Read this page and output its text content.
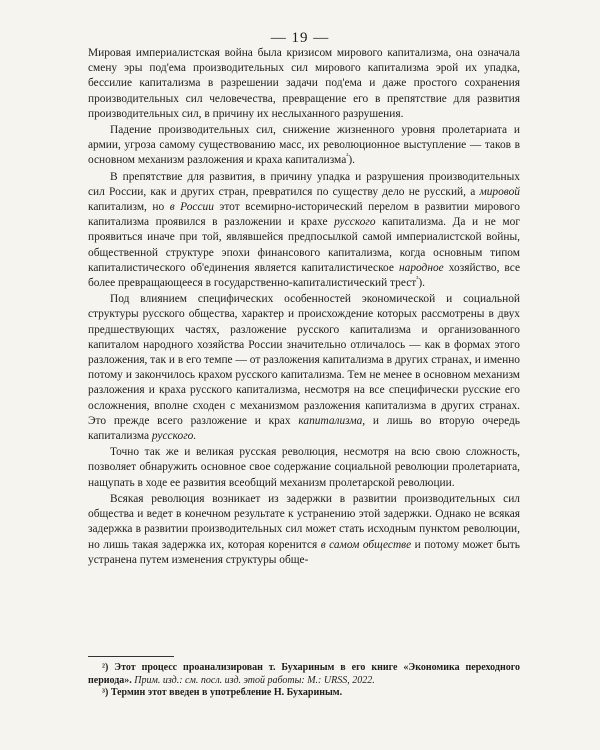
— 19 —

Мировая империалистская война была кризисом мирового капитализма, она означала смену эры под'ема производительных сил мирового капитализма эрой их упадка, бессилие капитализма в разрешении задачи под'ема и даже простого сохранения производительных сил человечества, превращение его в препятствие для развития производительных сил, в причину их неслыханного разрушения.

Падение производительных сил, снижение жизненного уровня пролетариата и армии, угроза самому существованию масс, их революционное выступление — таков в основном механизм разложения и краха капитализма$^{^2}$).

В препятствие для развития, в причину упадка и разрушения производительных сил России, как и других стран, превратился по существу дело не русский, а мировой капитализм, но в России этот всемирно-исторический перелом в развитии мирового капитализма проявился в разложении и крахе русского капитализма. Да и не мог проявиться иначе при той, являвшейся предпосылкой самой империалистской войны, общественной структуре эпохи финансового капитализма, когда основным типом капиталистического об'единения является капиталистическое народное хозяйство, все более превращающееся в государственно-капиталистический трест$^{^3}$).

Под влиянием специфических особенностей экономической и социальной структуры русского общества, характер и происхождение которых рассмотрены в двух предшествующих частях, разложение русского капитализма и организованного капиталом народного хозяйства России значительно отличалось — как в формах этого разложения, так и в его темпе — от разложения капитализма в других странах, и именно потому и закончилось крахом русского капитализма. Тем не менее в основном механизм разложения и краха русского капитализма, несмотря на все специфически русские его осложнения, вполне сходен с механизмом разложения капитализма в других странах. Это прежде всего разложение и крах капитализма, и лишь во вторую очередь капитализма русского.

Точно так же и великая русская революция, несмотря на всю свою сложность, позволяет обнаружить основное свое содержание социальной революции пролетариата, нащупать в ходе ее развития всеобщий механизм пролетарской революции.

Всякая революция возникает из задержки в развитии производительных сил общества и ведет в конечном результате к устранению этой задержки. Однако не всякая задержка в развитии производительных сил может стать исходным пунктом революции, но лишь такая задержка их, которая коренится в самом обществе и потому может быть устранена путем изменения структуры обще-

²) Этот процесс проанализирован т. Бухариным в его книге «Экономика переходного периода». Прим. изд.: см. посл. изд. этой работы: М.: URSS, 2022.

³) Термин этот введен в употребление Н. Бухариным.
